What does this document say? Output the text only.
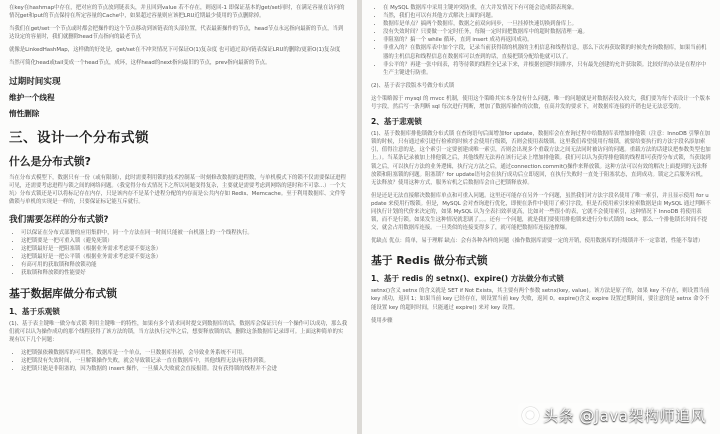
在key在hashmap中存在，把对应的节点放到链表头，并且回到value 若不存在，则返回-1 即保证基本的get/set同时，在满足容量在访问的情况get和put的节点保持在所定容量的Cache中，如果超过容量则应该把LRU近期最少使用的节点删除掉。

当我们在get/set一个节点或时都会把操作的这个节点移动到该链表的头部位置，代表最新操作的节点，head节点永远指向最新的节点，当到达设定的容量时，我们就删除head节点指向的最老节点

就像是LinkedHashMap，这样做的好处是，get/set在不冲突情况下可保证O(1)复杂度 也可通过双向链表保证LRU的删除/更新O(1)复杂度

当然可简化head或tail变成一个head节点，成环，这样head的next指向最旧的节点，prev指向最新的节点。

过期时间实现
维护一个线程
惰性删除
三、设计一个分布式锁
什么是分布式锁?

当在分布式模型下，数据只有一份（或有限制），此时需要利用锁的技术控制某一时刻修改数据的进程数，与单机模式下的锁不仅需要保证进程可见，还需要考虑进程与锁之间的网络问题。（我觉得分布式情况下之所以问题变得复杂，主要就是需要考虑到网络的延时和不可靠...）一个大坑）分布式锁还是可以将标记存在内存，只是该内存不是某个进程分配的内存而是公共内存如 Redis、Memcache。至于利用数据库、文件等做锁与单机的实现是一样的，只要保证标记能互斥就行。

我们需要怎样的分布式锁?
• 可以保证在分布式部署的应用集群中，同一个方法在同一时间只能被一台机器上的一个线程执行。
• 这把锁要是一把可重入锁（避免死锁）
• 这把锁最好是一把阻塞锁（根据业务需求考虑要不要这条）
• 这把锁最好是一把公平锁（根据业务需求考虑要不要这条）
• 有高可用的获取锁和释放锁功能
• 获取锁和释放锁的性能要好
基于数据库做分布式锁
1、基于乐观锁

(1)、基于表主键唯一做分布式锁 利用主键唯一的特性，如果有多个请求同时提交到数据库的话，数据库会保证只有一个操作可以成功，那么我们就可以认为操作成功的那个线程获得了该方法的锁，当方法执行完毕之后，想要释放锁的话，删除这条数据库记录即可。上面这种简单的实现有以下几个问题：

• 这把锁强依赖数据库的可用性，数据库是一个单点，一旦数据库挂掉，会导致业务系统不可用。
• 这把锁没有失效时间，一旦解锁操作失败，就会导致锁记录一直在数据库中，其他线程无法再获得到锁。
• 这把锁只能是非阻塞的，因为数据的 insert 操作，一旦插入失败就会直接报错。没有获得锁的线程并不会进
• 在 MySQL 数据库中采用主键冲突防重，在大并发情况下有可能会造成锁表现象。
• 当然，我们也可以有其他方式解决上面的问题。
• 数据库是单点？搞两个数据库，数据之前双向同步，一旦挂掉快速切换到备库上。
• 没有失效时间？只要做一个定时任务，每隔一定时间把数据库中的超时数据清理一遍。
• 非阻塞的？搞一个 while 循环，直到 insert 成功再返回成功。
• 非重入的？在数据库表中加个字段，记录当前获得锁的机器的主机信息和线程信息，那么下次再获取锁的时候先查询数据库，如果当前机器的主机信息和线程信息在数据库可以查到的话，直接把锁分配给他就可以了。
• 非公平的？再建一张中间表，将等待锁的线程全记录下来，并根据创建时间排序，只有最先创建的允许获取锁。比较好的办法是在程序中生产主键进行防重。

(2)、基于表字段版本号做分布式锁

这个策略源于 mysql 的 mvcc 机制，使用这个策略其实本身没有什么问题，唯一的问题就是对数据表侵入较大，我们要为每个表设计一个版本号字段，然后写一条判断 sql 每次进行判断，增加了数据库操作的次数，在高并发的要求下，对数据库连接的开销也是无法忍受的。

2、基于悲观锁

(1)、基于数据库排他锁做分布式锁 在查询语句后面增加for update，数据库会在查询过程中给数据库表增加排他锁（注意：InnoDB 引擎在加锁的时候，只有通过索引进行检索的时候才会使用行级锁，否则会使用表级锁。这里我们希望使用行级锁，就要给要执行的方法字段名添加索引，值得注意的是，这个索引一定要创建成唯一索引，否则会出现多个重载方法之间无法同时被访问的问题。重载方法的话建议把参数类型也加上。）。当某条记录被加上排他锁之后，其他线程无法再在该行记录上增加排他锁。我们可以认为获得排他锁的线程即可获得分布式锁，当获取到锁之后，可以执行方法的业务逻辑，执行完方法之后，通过connection.commit()操作来释放锁。这种方法可以有效的解决上面提到的无法释放锁和阻塞锁的问题。阻塞锁？for update语句会在执行成功后立即返回，在执行失败时一直处于阻塞状态，直到成功。锁定之后服务宕机，无法释放？使用这种方式，服务宕机之后数据库会自己把锁释放掉。

但是还是无法直接解决数据库单点和可重入问题。这里还可能存在另外一个问题，虽然我们对方法字段名使用了唯一索引，并且显示使用 for update 来使用行级锁。但是，MySQL 会对查询进行优化，即便在条件中使用了索引字段，但是否使用索引来检索数据是由 MySQL 通过判断不同执行计划的代价来决定的，如果 MySQL 认为全表扫效率更高，比如对一些很小的表，它就不会使用索引，这种情况下 InnoDB 将使用表锁，而不是行锁。如果发生这种情况就悲剧了。。。还有一个问题，就是我们要使用排他锁来进行分布式锁的 lock，那么一个排他锁长时间不提交，就会占用数据库连接。一旦类似的连接变得多了，就可能把数据库连接池撑爆。

优缺点 优点：简单，易于理解 缺点：会有各种各样的问题（操作数据库需要一定的开销，使用数据库的行级锁并不一定靠谱，性能不靠谱）

基于 Redis 做分布式锁
1、基于 redis 的 setnx()、expire() 方法做分布式锁

setnx()含义 setnx 的含义就是 SET if Not Exists，其主要有两个参数 setnx(key, value)。该方法是原子的，如果 key 不存在，则设置当前 key 成功，返回 1；如果当前 key 已经存在，则设置当前 key 失败，返回 0。expire()含义 expire 设置过期时间，要注意的是 setnx 命令不能设置 key 的超时时间，只能通过 expire() 来对 key 设置。

使用步骤

头条 @Java架构师追风
